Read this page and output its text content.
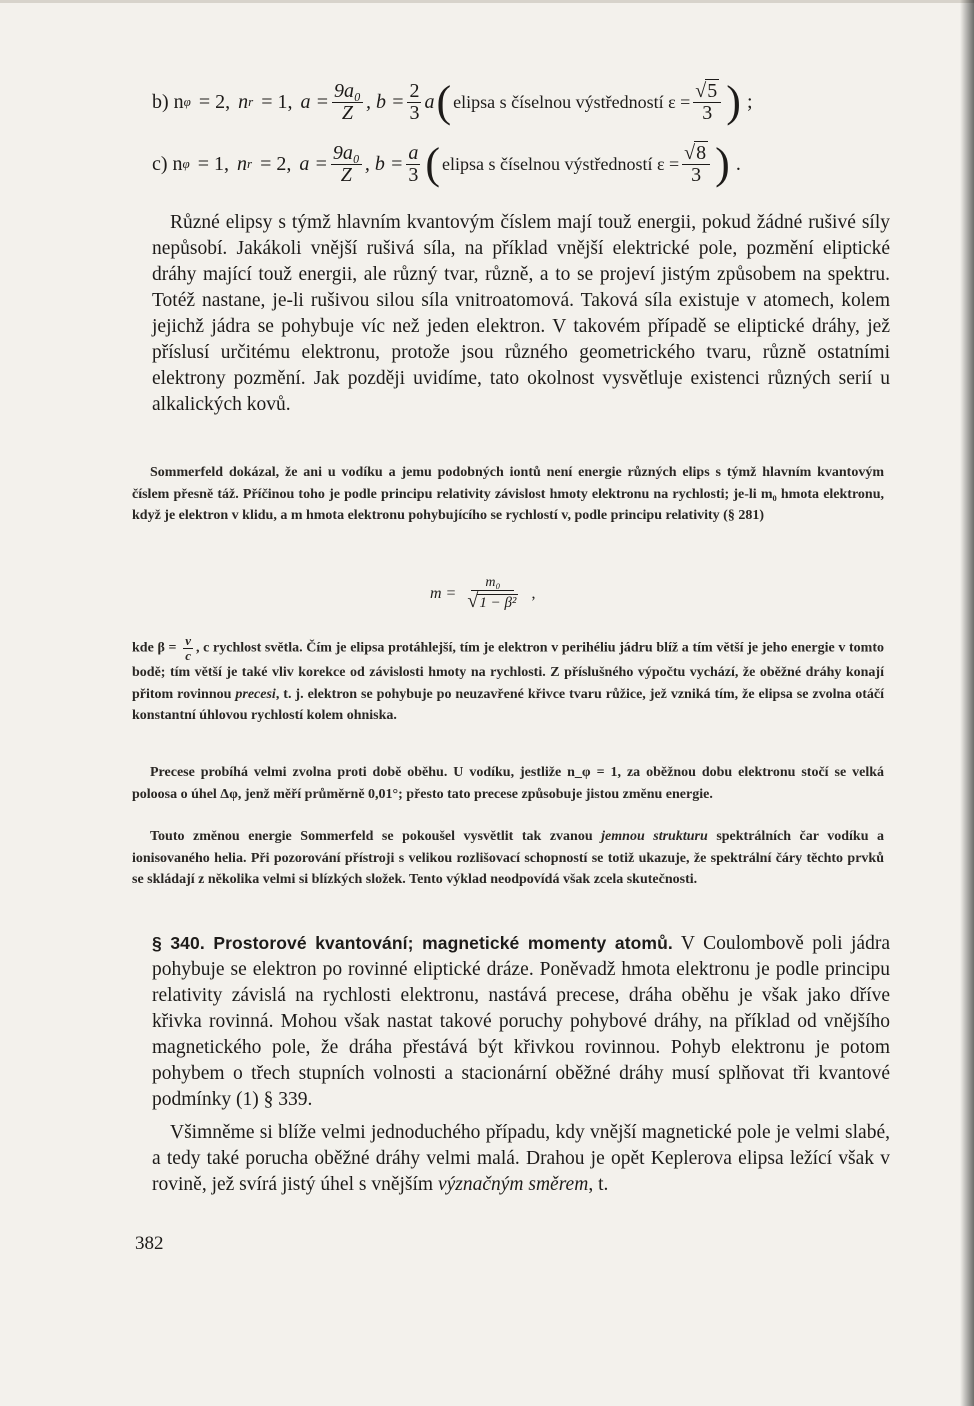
b) n φ = 2, n r = 1, $a = \frac{\text{9a₀}}{Z}$ , $b = \frac{2}{3}$ a ( elipsa s číselnou výstředností $\varepsilon = \frac{√5}{3}$ ) ;
c) n φ = 1, n r = 2, $a = \frac{\text{9a₀}}{Z}$ , $b = \frac{a}{3}$ ( elipsa s číselnou výstředností $\varepsilon = \frac{√8}{3}$ ) .
Různé elipsy s týmž hlavním kvantovým číslem mají touž energii, pokud žádné rušivé síly nepůsobí. Jakákoli vnější rušivá síla, na příklad vnější elektrické pole, pozmění eliptické dráhy mající touž energii, ale různý tvar, různě, a to se projeví jistým způsobem na spektru. Totéž nastane, je-li rušivou silou síla vnitroatomová. Taková síla existuje v atomech, kolem jejichž jádra se pohybuje víc než jeden elektron. V takovém případě se eliptické dráhy, jež příslusí určitému elektronu, protože jsou různého geometrického tvaru, různě ostatními elektrony pozmění. Jak později uvidíme, tato okolnost vysvětluje existenci různých serií u alkalických kovů.
Sommerfeld dokázal, že ani u vodíku a jemu podobných iontů není energie různých elips s týmž hlavním kvantovým číslem přesně táž. Příčinou toho je podle principu relativity závislost hmoty elektronu na rychlosti; je-li m₀ hmota elektronu, když je elektron v klidu, a m hmota elektronu pohybujícího se rychlostí v, podle principu relativity (§ 281)
$m = \frac{\text{m₀}}{\text{√1 − β²}}$ ,
kde $\beta = \frac{v}{c}$ , c rychlost světla. Čím je elipsa protáhlejší, tím je elektron v perihéliu jádru blíž a tím větší je jeho energie v tomto bodě; tím větší je také vliv korekce od závislosti hmoty na rychlosti. Z příslušného výpočtu vychází, že oběžné dráhy konají přitom rovinnou precesi, t. j. elektron se pohybuje po neuzavřené křivce tvaru růžice, jež vzniká tím, že elipsa se zvolna otáčí konstantní úhlovou rychlostí kolem ohniska.
Precese probíhá velmi zvolna proti době oběhu. U vodíku, jestliže n_φ = 1, za oběžnou dobu elektronu stočí se velká poloosa o úhel Δφ, jenž měří průměrně 0,01°; přesto tato precese způsobuje jistou změnu energie.
Touto změnou energie Sommerfeld se pokoušel vysvětlit tak zvanou jemnou strukturu spektrálních čar vodíku a ionisovaného helia. Při pozorování přístroji s velikou rozlišovací schopností se totiž ukazuje, že spektrální čáry těchto prvků se skládají z několika velmi si blízkých složek. Tento výklad neodpovídá však zcela skutečnosti.
§ 340. Prostorové kvantování; magnetické momenty atomů. V Coulombově poli jádra pohybuje se elektron po rovinné eliptické dráze. Poněvadž hmota elektronu je podle principu relativity závislá na rychlosti elektronu, nastává precese, dráha oběhu je však jako dříve křivka rovinná. Mohou však nastat takové poruchy pohybové dráhy, na příklad od vnějšího magnetického pole, že dráha přestává být křivkou rovinnou. Pohyb elektronu je potom pohybem o třech stupních volnosti a stacionární oběžné dráhy musí splňovat tři kvantové podmínky (1) § 339.
Všimněme si blíže velmi jednoduchého případu, kdy vnější magnetické pole je velmi slabé, a tedy také porucha oběžné dráhy velmi malá. Drahou je opět Keplerova elipsa ležící však v rovině, jež svírá jistý úhel s vnějším význačným směrem, t.
382
